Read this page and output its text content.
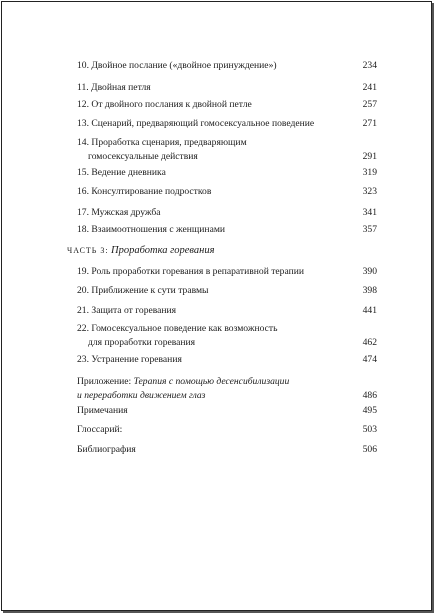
10. Двойное послание («двойное принуждение»)	234
11. Двойная петля	241
12. От двойного послания к двойной петле	257
13. Сценарий, предваряющий гомосексуальное поведение	271
14. Проработка сценария, предваряющим
гомосексуальные действия	291
15. Ведение дневника	319
16. Консултирование подростков	323
17. Мужская дружба	341
18. Взаимоотношения с женщинами	357
ЧАСТЬ 3: Проработка горевания
19. Роль проработки горевания в репаративной терапии	390
20. Приближение к сути травмы	398
21. Защита от горевания	441
22. Гомосексуальное поведение как возможность
для проработки горевания	462
23. Устранение горевания	474
Приложение: Терапия с помощью десенсибилизации
и переработки движением глаз	486
Примечания	495
Глоссарий:	503
Библиография	506
